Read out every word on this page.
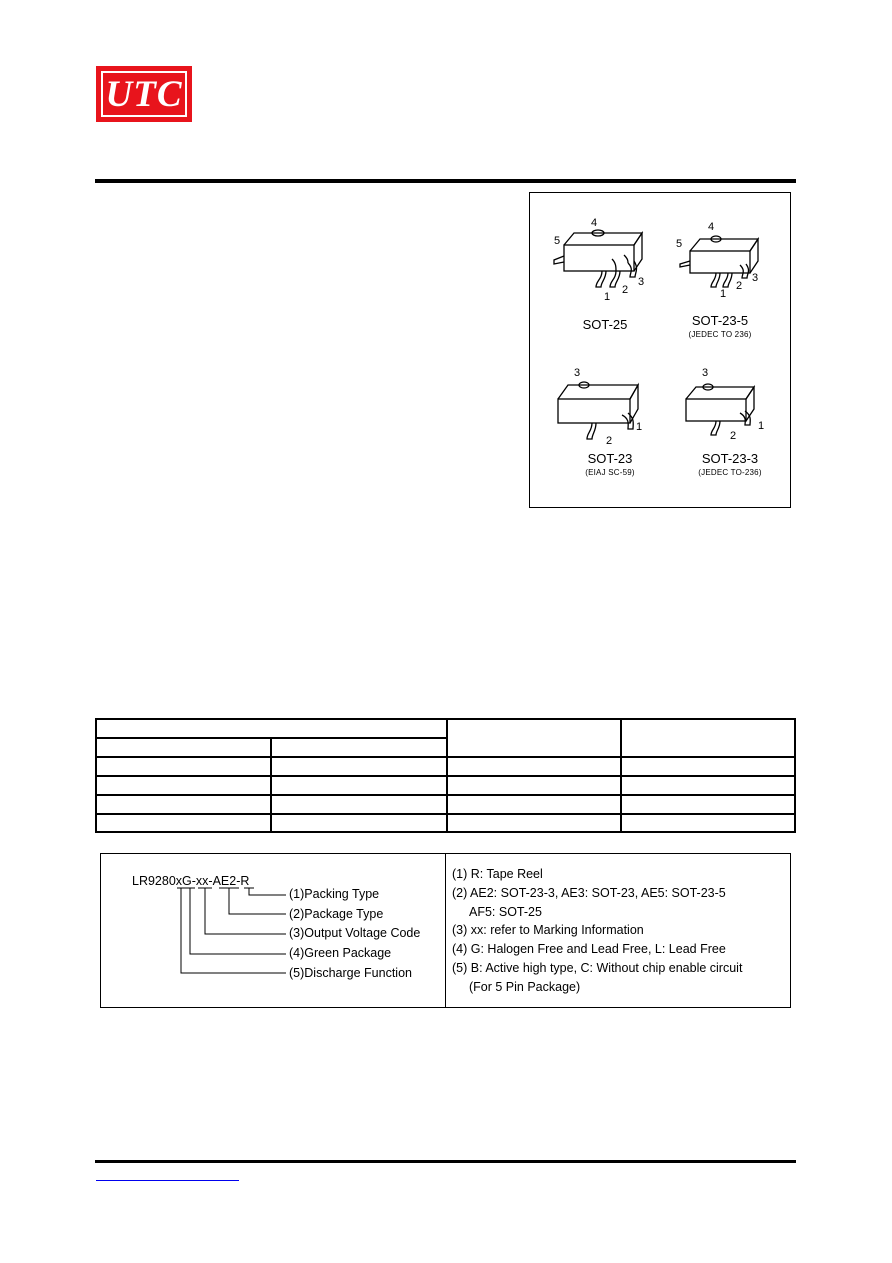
UTC
4
5
3
2
1
SOT-25
4
5
3
2
1
SOT-23-5
(JEDEC TO 236)
3
1
2
SOT-23
(EIAJ SC-59)
3
1
2
SOT-23-3
(JEDEC TO-236)
LR9280xG-xx-AE2-R
(1)Packing Type
(2)Package Type
(3)Output Voltage Code
(4)Green Package
(5)Discharge Function
(1) R: Tape Reel
(2) AE2: SOT-23-3, AE3: SOT-23, AE5: SOT-23-5
AF5: SOT-25
(3) xx: refer to Marking Information
(4) G: Halogen Free and Lead Free, L: Lead Free
(5) B: Active high type, C: Without chip enable circuit
(For 5 Pin Package)
